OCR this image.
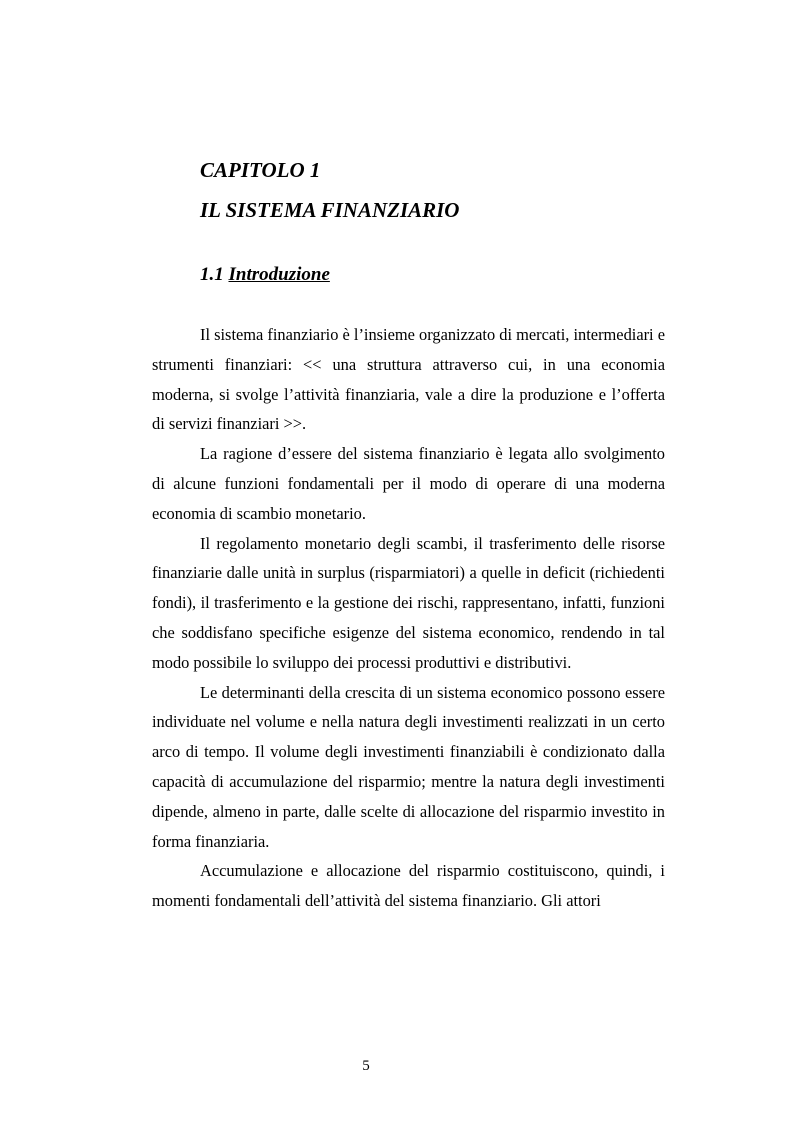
CAPITOLO 1
IL SISTEMA FINANZIARIO
1.1 Introduzione

Il sistema finanziario è l’insieme organizzato di mercati, intermediari e strumenti finanziari: << una struttura attraverso cui, in una economia moderna, si svolge l’attività finanziaria, vale a dire la produzione e l’offerta di servizi finanziari >>.

La ragione d’essere del sistema finanziario è legata allo svolgimento di alcune funzioni fondamentali per il modo di operare di una moderna economia di scambio monetario.

Il regolamento monetario degli scambi, il trasferimento delle risorse finanziarie dalle unità in surplus (risparmiatori) a quelle in deficit (richiedenti fondi), il trasferimento e la gestione dei rischi, rappresentano, infatti, funzioni che soddisfano specifiche esigenze del sistema economico, rendendo in tal modo possibile lo sviluppo dei processi produttivi e distributivi.

Le determinanti della crescita di un sistema economico possono essere individuate nel volume e nella natura degli investimenti realizzati in un certo arco di tempo. Il volume degli investimenti finanziabili è condizionato dalla capacità di accumulazione del risparmio; mentre la natura degli investimenti dipende, almeno in parte, dalle scelte di allocazione del risparmio investito in forma finanziaria.

Accumulazione e allocazione del risparmio costituiscono, quindi, i momenti fondamentali dell’attività del sistema finanziario. Gli attori

5
